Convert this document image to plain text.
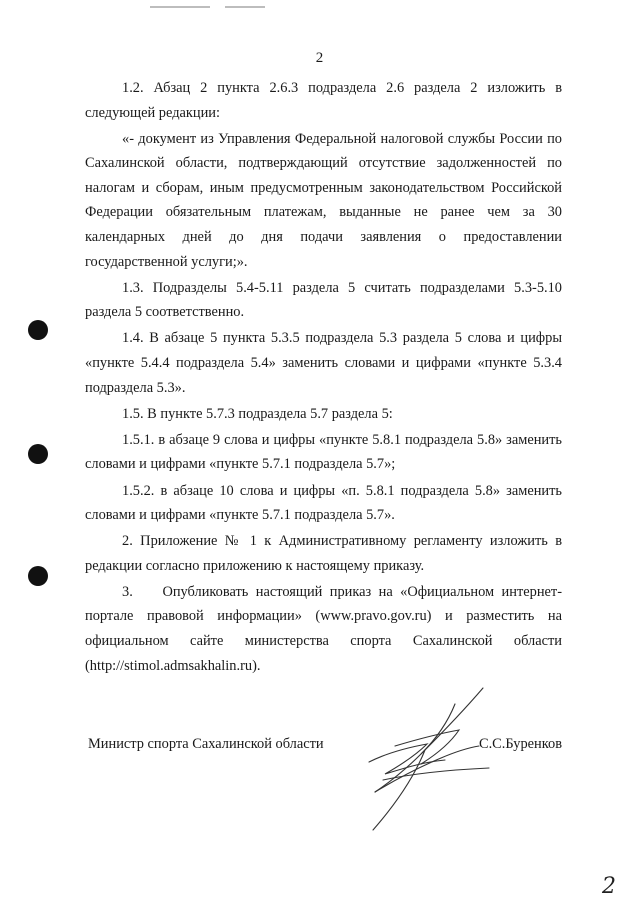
2

1.2. Абзац 2 пункта 2.6.3 подраздела 2.6 раздела 2 изложить в следующей редакции:

«- документ из Управления Федеральной налоговой службы России по Сахалинской области, подтверждающий отсутствие задолженностей по налогам и сборам, иным предусмотренным законодательством Российской Федерации обязательным платежам, выданные не ранее чем за 30 календарных дней до дня подачи заявления о предоставлении государственной услуги;».

1.3. Подразделы 5.4-5.11 раздела 5 считать подразделами 5.3-5.10 раздела 5 соответственно.

1.4. В абзаце 5 пункта 5.3.5 подраздела 5.3 раздела 5 слова и цифры «пункте 5.4.4 подраздела 5.4» заменить словами и цифрами «пункте 5.3.4 подраздела 5.3».

1.5. В пункте 5.7.3 подраздела 5.7 раздела 5:

1.5.1. в абзаце 9 слова и цифры «пункте 5.8.1 подраздела 5.8» заменить словами и цифрами «пункте 5.7.1 подраздела 5.7»;

1.5.2. в абзаце 10 слова и цифры «п. 5.8.1 подраздела 5.8» заменить словами и цифрами «пункте 5.7.1 подраздела 5.7».

2. Приложение № 1 к Административному регламенту изложить в редакции согласно приложению к настоящему приказу.

3.    Опубликовать настоящий приказ на «Официальном интернет-портале правовой информации» (www.pravo.gov.ru) и разместить на официальном сайте министерства спорта Сахалинской области (http://stimol.admsakhalin.ru).

Министр спорта Сахалинской области	С.С.Буренков
2
